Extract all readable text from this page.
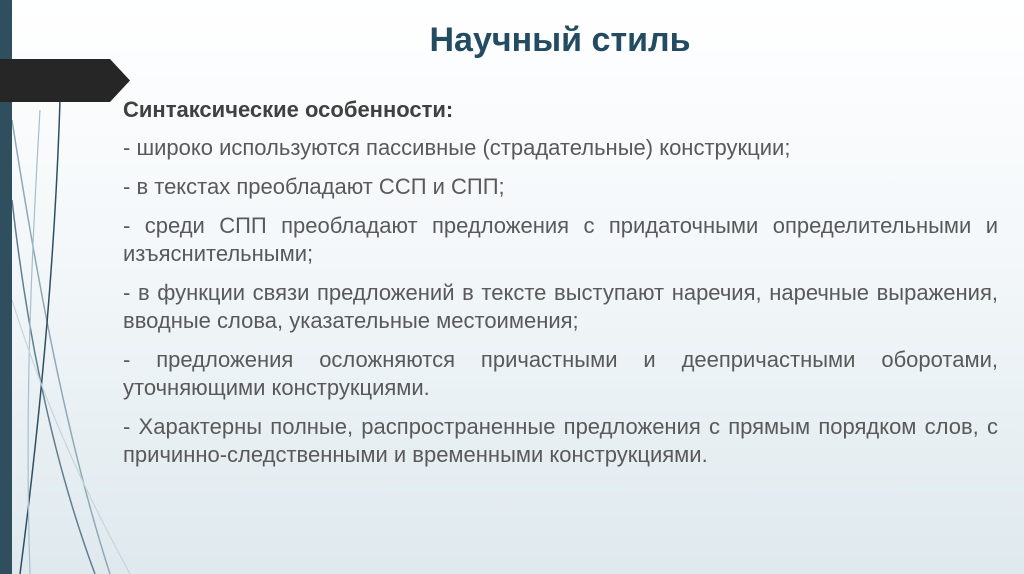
Научный стиль

Синтаксические особенности:

- широко используются пассивные (страдательные) конструкции;

- в текстах преобладают ССП и СПП;

- среди СПП преобладают предложения с придаточными определительными и изъяснительными;

- в функции связи предложений в тексте выступают наречия, наречные выражения, вводные слова, указательные местоимения;

- предложения осложняются причастными и деепричастными оборотами, уточняющими конструкциями.

- Характерны полные, распространенные предложения с прямым порядком слов, с причинно-следственными и временными конструкциями.
